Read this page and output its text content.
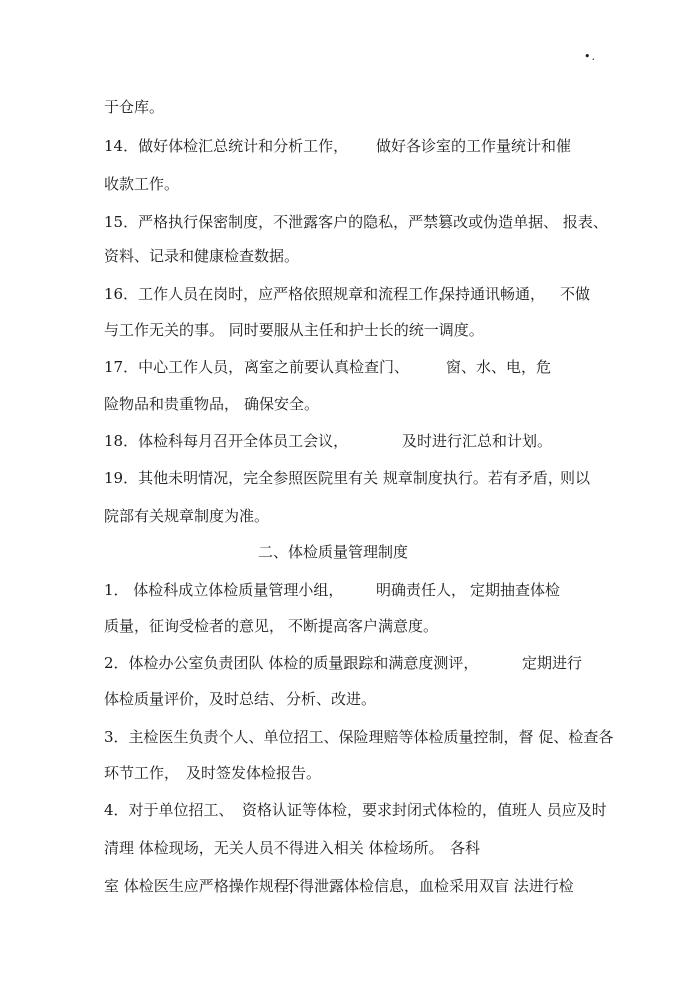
•.
于仓库。
14．做好体检汇总统计和分析工作， 做好各诊室的工作量统计和催
收款工作。
15．严格执行保密制度，不泄露客户的隐私，严禁篡改或伪造单据、 报表、
资料、记录和健康检查数据。
16．工作人员在岗时，应严格依照规章和流程工作，
保持通讯畅通， 不做
与工作无关的事。 同时要服从主任和护士长的统一调度。
17．中心工作人员， 离室之前要认真检查门、 窗、水、电，危
险物品和贵重物品， 确保安全。
18．体检科每月召开全体员工会议，	及时进行汇总和计划。
19．其他未明情况，完全参照医院里有关 规章制度执行。若有矛盾，
则以
院部有关规章制度为准。
二、体检质量管理制度
1． 体检科成立体检质量管理小组， 明确责任人， 定期抽查体检
质量，征询受检者的意见， 不断提高客户满意度。
2．体检办公室负责团队 体检的质量跟踪和满意度测评，	定期进行
体检质量评价，及时总结、 分析、改进。
3．主检医生负责个人、单位招工、保险理赔等体检质量控制，督 促、检查各
环节工作， 及时签发体检报告。
4．对于单位招工、 资格认证等体检，要求封闭式体检的，值班人 员应及时
清理 体检现场，无关人员不得进入相关 体检场所。 各科
室 体检医生应严格操作规程，
不得泄露体检信息，血检采用双盲 法进行检
